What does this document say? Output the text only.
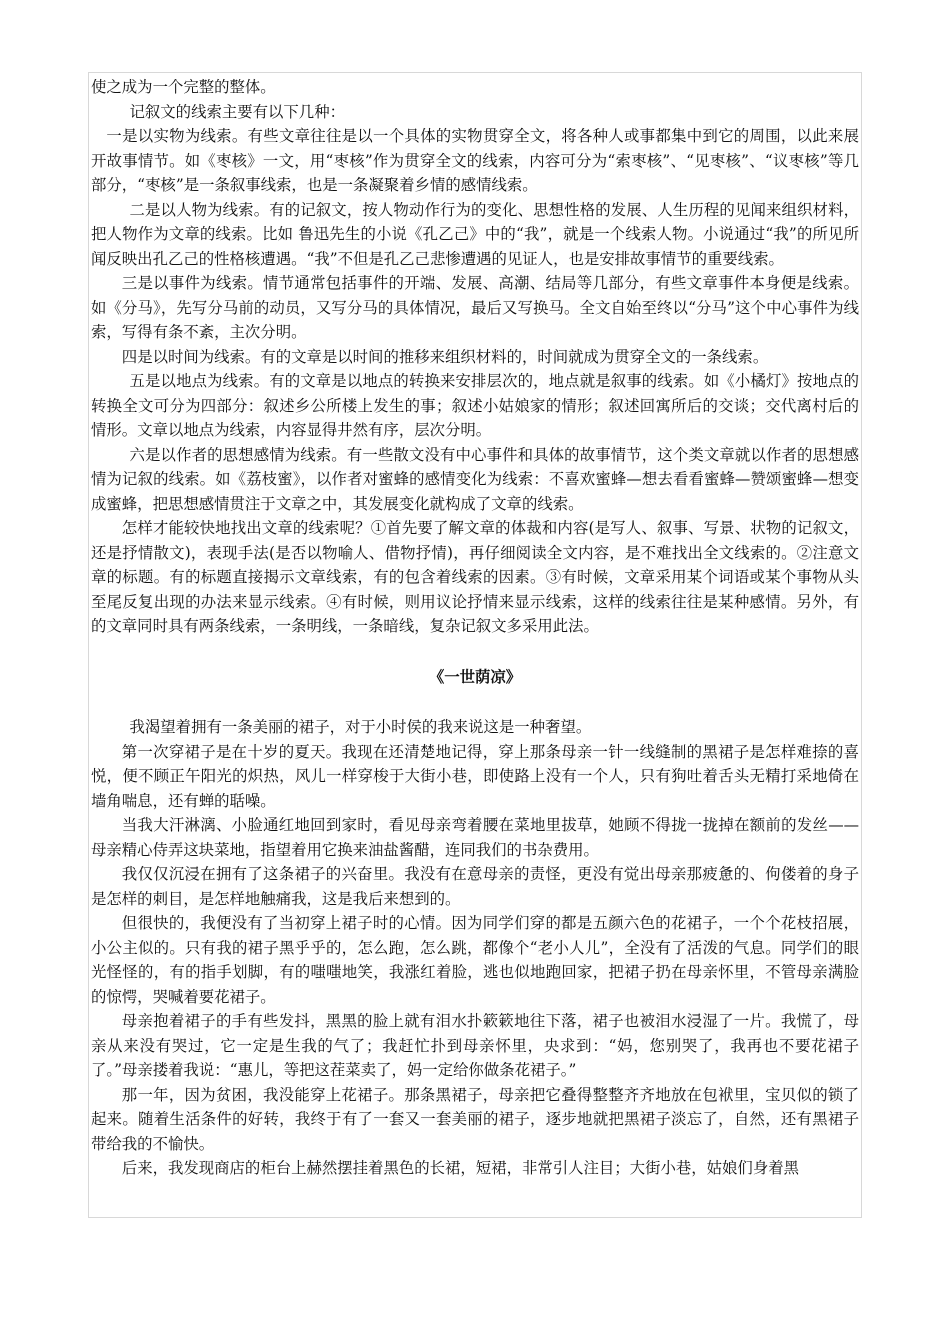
使之成为一个完整的整体。

记叙文的线索主要有以下几种：

一是以实物为线索。有些文章往往是以一个具体的实物贯穿全文，将各种人或事都集中到它的周围，以此来展开故事情节。如《枣核》一文，用“枣核”作为贯穿全文的线索，内容可分为“索枣核”、“见枣核”、“议枣核”等几部分，“枣核”是一条叙事线索，也是一条凝聚着乡情的感情线索。

二是以人物为线索。有的记叙文，按人物动作行为的变化、思想性格的发展、人生历程的见闻来组织材料，把人物作为文章的线索。比如 鲁迅先生的小说《孔乙己》中的“我”，就是一个线索人物。小说通过“我”的所见所闻反映出孔乙己的性格核遭遇。“我”不但是孔乙己悲惨遭遇的见证人，也是安排故事情节的重要线索。

三是以事件为线索。情节通常包括事件的开端、发展、高潮、结局等几部分，有些文章事件本身便是线索。如《分马》，先写分马前的动员，又写分马的具体情况，最后又写换马。全文自始至终以“分马”这个中心事件为线索，写得有条不紊，主次分明。

四是以时间为线索。有的文章是以时间的推移来组织材料的，时间就成为贯穿全文的一条线索。

五是以地点为线索。有的文章是以地点的转换来安排层次的，地点就是叙事的线索。如《小橘灯》按地点的转换全文可分为四部分：叙述乡公所楼上发生的事；叙述小姑娘家的情形；叙述回寓所后的交谈；交代离村后的情形。文章以地点为线索，内容显得井然有序，层次分明。

六是以作者的思想感情为线索。有一些散文没有中心事件和具体的故事情节，这个类文章就以作者的思想感情为记叙的线索。如《荔枝蜜》，以作者对蜜蜂的感情变化为线索：不喜欢蜜蜂—想去看看蜜蜂—赞颂蜜蜂—想变成蜜蜂，把思想感情贯注于文章之中，其发展变化就构成了文章的线索。

怎样才能较快地找出文章的线索呢？①首先要了解文章的体裁和内容(是写人、叙事、写景、状物的记叙文，还是抒情散文)，表现手法(是否以物喻人、借物抒情)，再仔细阅读全文内容，是不难找出全文线索的。②注意文章的标题。有的标题直接揭示文章线索，有的包含着线索的因素。③有时候，文章采用某个词语或某个事物从头至尾反复出现的办法来显示线索。④有时候，则用议论抒情来显示线索，这样的线索往往是某种感情。另外，有的文章同时具有两条线索，一条明线，一条暗线，复杂记叙文多采用此法。

《一世荫凉》

我渴望着拥有一条美丽的裙子，对于小时侯的我来说这是一种奢望。

第一次穿裙子是在十岁的夏天。我现在还清楚地记得，穿上那条母亲一针一线缝制的黑裙子是怎样难捺的喜悦，便不顾正午阳光的炽热，风儿一样穿梭于大街小巷，即使路上没有一个人，只有狗吐着舌头无精打采地倚在墙角喘息，还有蝉的聒噪。

当我大汗淋漓、小脸通红地回到家时，看见母亲弯着腰在菜地里拔草，她顾不得拢一拢掉在额前的发丝——母亲精心侍弄这块菜地，指望着用它换来油盐酱醋，连同我们的书杂费用。

我仅仅沉浸在拥有了这条裙子的兴奋里。我没有在意母亲的责怪，更没有觉出母亲那疲惫的、佝偻着的身子是怎样的刺目，是怎样地触痛我，这是我后来想到的。

但很快的，我便没有了当初穿上裙子时的心情。因为同学们穿的都是五颜六色的花裙子，一个个花枝招展，小公主似的。只有我的裙子黑乎乎的，怎么跑，怎么跳，都像个“老小人儿”，全没有了活泼的气息。同学们的眼光怪怪的，有的指手划脚，有的嗤嗤地笑，我涨红着脸，逃也似地跑回家，把裙子扔在母亲怀里，不管母亲满脸的惊愕，哭喊着要花裙子。

母亲抱着裙子的手有些发抖，黑黑的脸上就有泪水扑簌簌地往下落，裙子也被泪水浸湿了一片。我慌了，母亲从来没有哭过，它一定是生我的气了；我赶忙扑到母亲怀里，央求到：“妈，您别哭了，我再也不要花裙子了。”母亲搂着我说：“惠儿，等把这茬菜卖了，妈一定给你做条花裙子。”

那一年，因为贫困，我没能穿上花裙子。那条黑裙子，母亲把它叠得整整齐齐地放在包袱里，宝贝似的锁了起来。随着生活条件的好转，我终于有了一套又一套美丽的裙子，逐步地就把黑裙子淡忘了，自然，还有黑裙子带给我的不愉快。

后来，我发现商店的柜台上赫然摆挂着黑色的长裙，短裙，非常引人注目；大街小巷，姑娘们身着黑
